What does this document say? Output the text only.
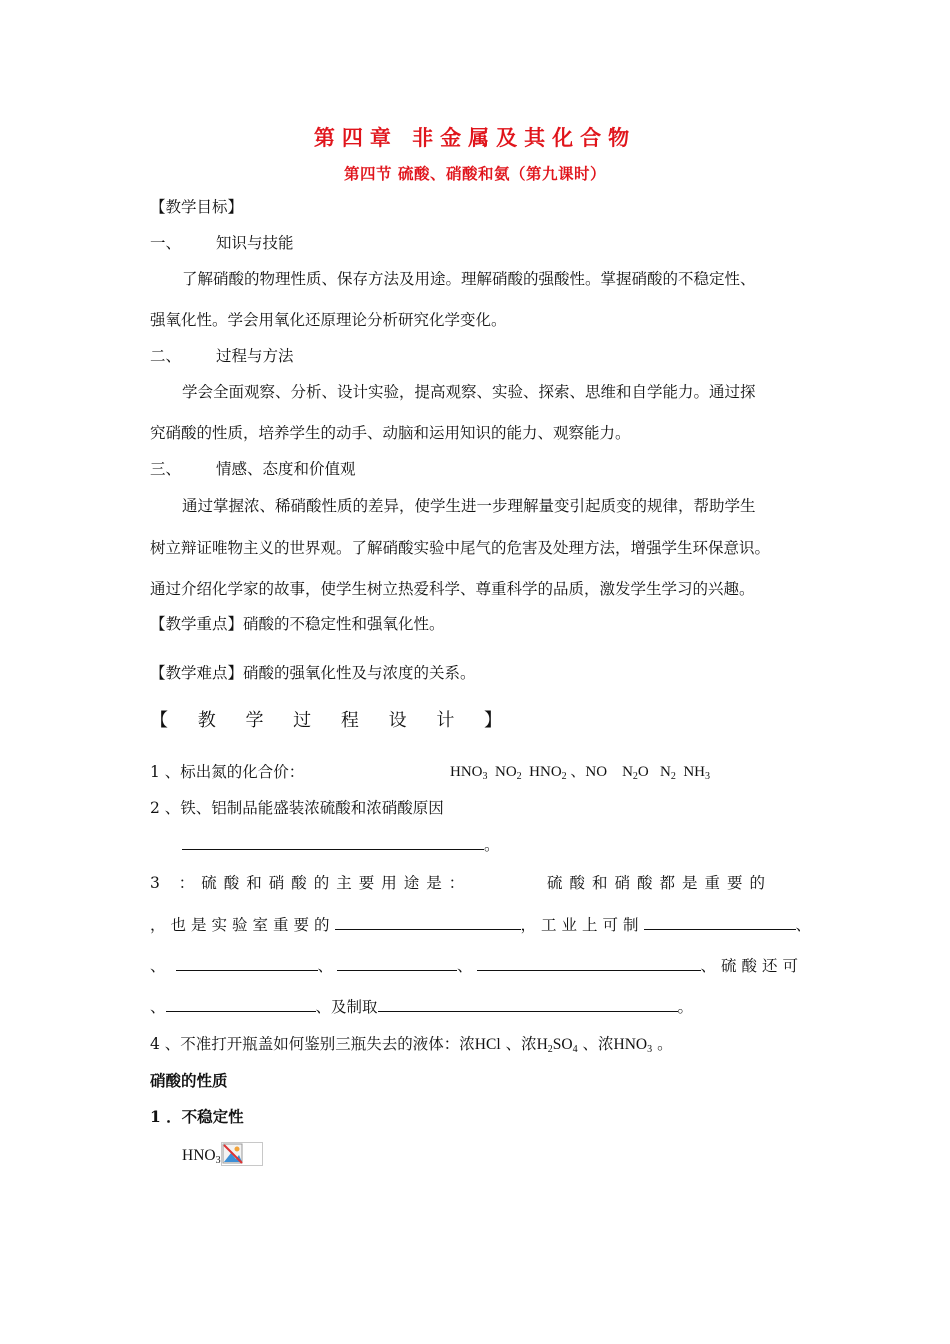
第四章 非金属及其化合物
第四节 硫酸、硝酸和氨（第九课时）
【教学目标】
一、 知识与技能
了解硝酸的物理性质、保存方法及用途。理解硝酸的强酸性。掌握硝酸的不稳定性、
强氧化性。学会用氧化还原理论分析研究化学变化。
二、 过程与方法
学会全面观察、分析、设计实验，提高观察、实验、探索、思维和自学能力。通过探
究硝酸的性质，培养学生的动手、动脑和运用知识的能力、观察能力。
三、 情感、态度和价值观
通过掌握浓、稀硝酸性质的差异，使学生进一步理解量变引起质变的规律，帮助学生
树立辩证唯物主义的世界观。了解硝酸实验中尾气的危害及处理方法，增强学生环保意识。
通过介绍化学家的故事，使学生树立热爱科学、尊重科学的品质，激发学生学习的兴趣。
【教学重点】硝酸的不稳定性和强氧化性。
【教学难点】硝酸的强氧化性及与浓度的关系。
【 教 学 过 程 设 计 】
1 、标出氮的化合价：	$HNO_3$  $NO_2$  $HNO_2$ 、NO    $N_2O$   $N_2$  $NH_3$
2 、铁、铝制品能盛装浓硫酸和浓硝酸原因
。
3 ：硫酸和硝酸的主要用途是：	硫酸和硝酸都是重要的
，也是实验室重要的	，工业上可制	、
、	、	、	、硫酸还可
、	、及制取	。
4 、不准打开瓶盖如何鉴别三瓶失去的液体：浓HCl 、浓$H_2SO_4$ 、浓$HNO_3$ 。
硝酸的性质
1 ．不稳定性
$HNO_3$
